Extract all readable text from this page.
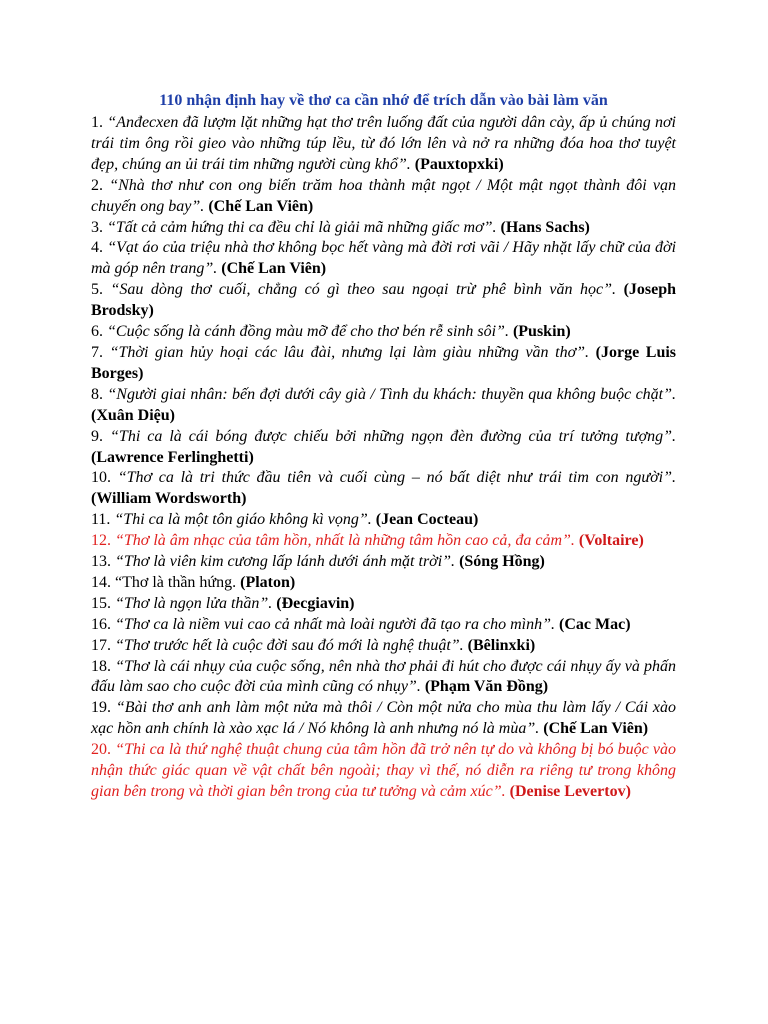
110 nhận định hay về thơ ca cần nhớ để trích dẫn vào bài làm văn

1. “Anđecxen đã lượm lặt những hạt thơ trên luống đất của người dân cày, ấp ủ chúng nơi trái tim ông rồi gieo vào những túp lều, từ đó lớn lên và nở ra những đóa hoa thơ tuyệt đẹp, chúng an ủi trái tim những người cùng khổ”. (Pauxtopxki)

2. “Nhà thơ như con ong biến trăm hoa thành mật ngọt / Một mật ngọt thành đôi vạn chuyến ong bay”. (Chế Lan Viên)

3. “Tất cả cảm hứng thi ca đều chỉ là giải mã những giấc mơ”. (Hans Sachs)

4. “Vạt áo của triệu nhà thơ không bọc hết vàng mà đời rơi vãi / Hãy nhặt lấy chữ của đời mà góp nên trang”. (Chế Lan Viên)

5. “Sau dòng thơ cuối, chẳng có gì theo sau ngoại trừ phê bình văn học”. (Joseph Brodsky)

6. “Cuộc sống là cánh đồng màu mỡ để cho thơ bén rễ sinh sôi”. (Puskin)

7. “Thời gian hủy hoại các lâu đài, nhưng lại làm giàu những vần thơ”. (Jorge Luis Borges)

8. “Người giai nhân: bến đợi dưới cây già / Tình du khách: thuyền qua không buộc chặt”. (Xuân Diệu)

9. “Thi ca là cái bóng được chiếu bởi những ngọn đèn đường của trí tưởng tượng”. (Lawrence Ferlinghetti)

10. “Thơ ca là tri thức đầu tiên và cuối cùng – nó bất diệt như trái tim con người”. (William Wordsworth)

11. “Thi ca là một tôn giáo không kì vọng”. (Jean Cocteau)

12. “Thơ là âm nhạc của tâm hồn, nhất là những tâm hồn cao cả, đa cảm”. (Voltaire)

13. “Thơ là viên kim cương lấp lánh dưới ánh mặt trời”. (Sóng Hồng)

14. “Thơ là thần hứng. (Platon)

15. “Thơ là ngọn lửa thần”. (Đecgiavin)

16. “Thơ ca là niềm vui cao cả nhất mà loài người đã tạo ra cho mình”. (Cac Mac)

17. “Thơ trước hết là cuộc đời sau đó mới là nghệ thuật”. (Bêlinxki)

18. “Thơ là cái nhụy của cuộc sống, nên nhà thơ phải đi hút cho được cái nhụy ấy và phấn đấu làm sao cho cuộc đời của mình cũng có nhụy”. (Phạm Văn Đồng)

19. “Bài thơ anh anh làm một nửa mà thôi / Còn một nửa cho mùa thu làm lấy / Cái xào xạc hồn anh chính là xào xạc lá / Nó không là anh nhưng nó là mùa”. (Chế Lan Viên)

20. “Thi ca là thứ nghệ thuật chung của tâm hồn đã trở nên tự do và không bị bó buộc vào nhận thức giác quan về vật chất bên ngoài; thay vì thế, nó diễn ra riêng tư trong không gian bên trong và thời gian bên trong của tư tưởng và cảm xúc”. (Denise Levertov)
